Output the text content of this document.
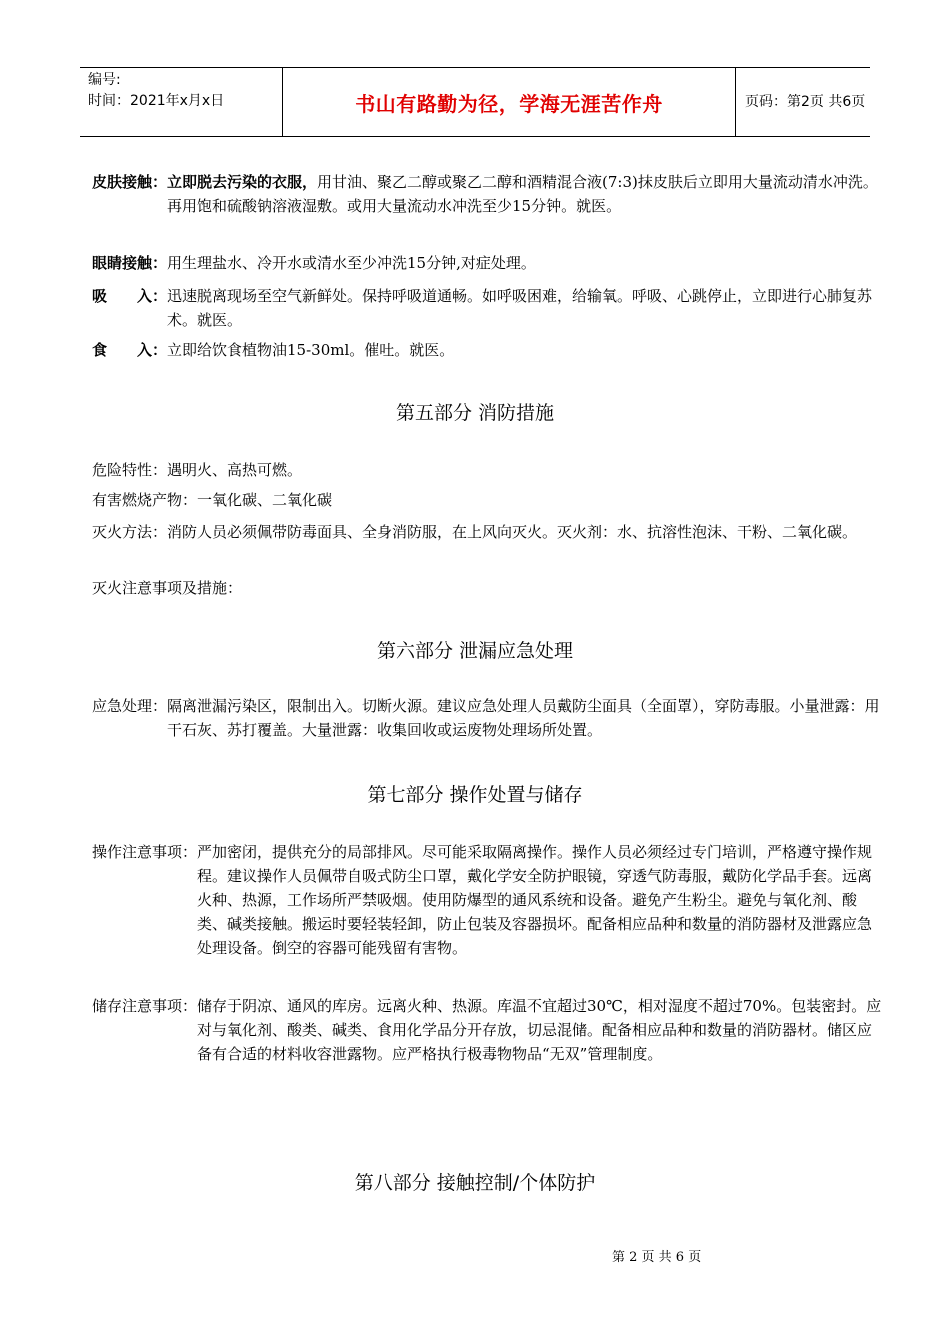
编号:
时间：2021年x月x日	书山有路勤为径，学海无涯苦作舟	页码：第2页 共6页
皮肤接触： 立即脱去污染的衣服，用甘油、聚乙二醇或聚乙二醇和酒精混合液(7:3)抹皮肤后立即用大量流动清水冲洗。再用饱和硫酸钠溶液湿敷。或用大量流动水冲洗至少15分钟。就医。
眼睛接触： 用生理盐水、冷开水或清水至少冲洗15分钟,对症处理。
吸　　入： 迅速脱离现场至空气新鲜处。保持呼吸道通畅。如呼吸困难，给输氧。呼吸、心跳停止，立即进行心肺复苏术。就医。
食　　入： 立即给饮食植物油15-30ml。催吐。就医。
第五部分 消防措施
危险特性： 遇明火、高热可燃。
有害燃烧产物： 一氧化碳、二氧化碳
灭火方法： 消防人员必须佩带防毒面具、全身消防服，在上风向灭火。灭火剂：水、抗溶性泡沫、干粉、二氧化碳。
灭火注意事项及措施：
第六部分 泄漏应急处理
应急处理： 隔离泄漏污染区，限制出入。切断火源。建议应急处理人员戴防尘面具（全面罩），穿防毒服。小量泄露：用干石灰、苏打覆盖。大量泄露：收集回收或运废物处理场所处置。
第七部分 操作处置与储存
操作注意事项： 严加密闭，提供充分的局部排风。尽可能采取隔离操作。操作人员必须经过专门培训，严格遵守操作规程。建议操作人员佩带自吸式防尘口罩，戴化学安全防护眼镜，穿透气防毒服，戴防化学品手套。远离火种、热源，工作场所严禁吸烟。使用防爆型的通风系统和设备。避免产生粉尘。避免与氧化剂、酸类、碱类接触。搬运时要轻装轻卸，防止包装及容器损坏。配备相应品种和数量的消防器材及泄露应急处理设备。倒空的容器可能残留有害物。
储存注意事项： 储存于阴凉、通风的库房。远离火种、热源。库温不宜超过30℃，相对湿度不超过70%。包装密封。应对与氧化剂、酸类、碱类、食用化学品分开存放，切忌混储。配备相应品种和数量的消防器材。储区应备有合适的材料收容泄露物。应严格执行极毒物物品“无双”管理制度。
第八部分 接触控制/个体防护
第 2 页 共 6 页
